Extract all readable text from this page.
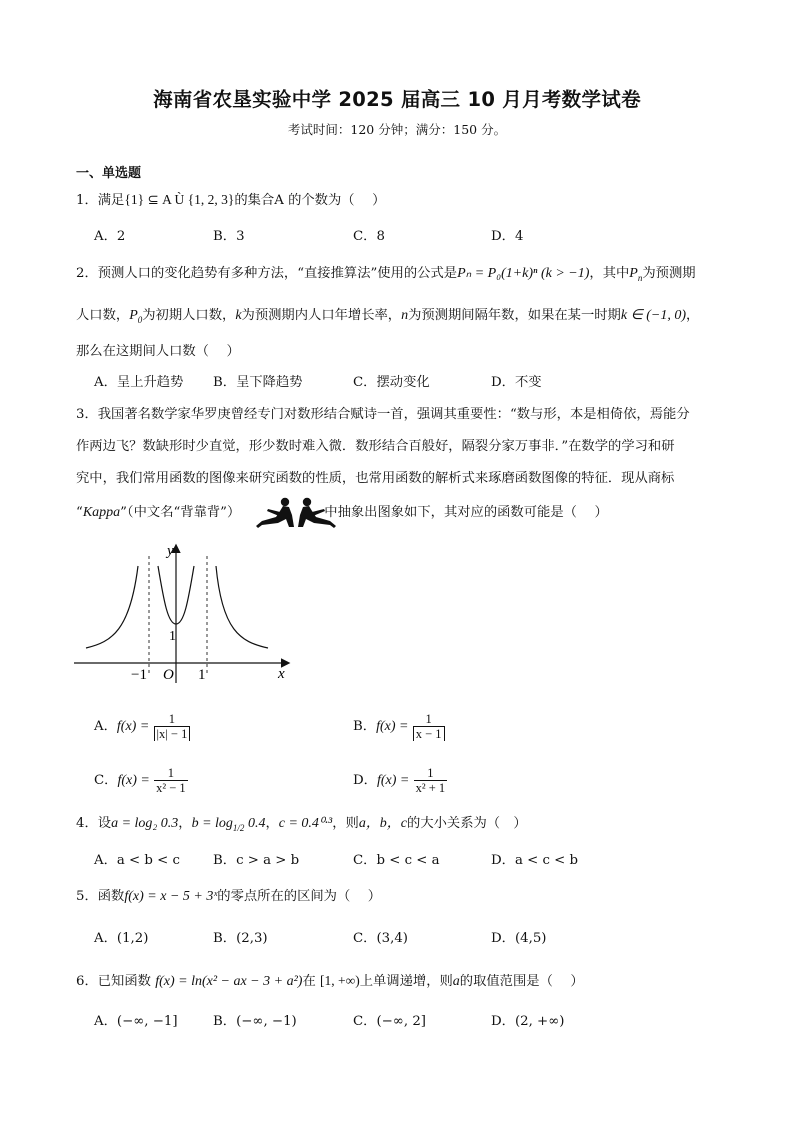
海南省农垦实验中学 2025 届高三 10 月月考数学试卷
考试时间：120 分钟；满分：150 分。
一、单选题
1．满足{1} ⊆ A Ù {1, 2, 3}的集合A 的个数为（　 ）
A．2	B．3	C．8	D．4
2．预测人口的变化趋势有多种方法，“直接推算法”使用的公式是Pₙ = P₀(1+k)ⁿ (k > −1)，其中$P_n$为预测期
人口数，$P_0$为初期人口数，k为预测期内人口年增长率，n为预测期间隔年数，如果在某一时期k ∈ (−1, 0)，
那么在这期间人口数（　 ）
A．呈上升趋势 B．呈下降趋势	C．摆动变化	D．不变
3．我国著名数学家华罗庚曾经专门对数形结合赋诗一首，强调其重要性：“数与形，本是相倚依，焉能分
作两边飞？数缺形时少直觉，形少数时难入微．数形结合百般好，隔裂分家万事非．”在数学的学习和研
究中，我们常用函数的图像来研究函数的性质，也常用函数的解析式来琢磨函数图像的特征．现从商标
“Kappa”（中文名“背靠背”）	中抽象出图象如下，其对应的函数可能是（　 ）
y
x
O
−1	1
1
A．$f(x) = \frac{1}{|x| - 1}$	B．$f(x) = \frac{1}{x - 1}$
C．$f(x) = \frac{1}{\text{x² − 1}}$	D．$f(x) = \frac{1}{\text{x² + 1}}$
4．设a = log₂ 0.3，$b = \log_{1/2} 0.4$，c = 0.4⁰·³，则a，b，c的大小关系为（　）
A．a < b < c B．c > a > b	C．b < c < a	D．a < c < b
5．函数f(x) = x − 5 + 3ˣ的零点所在的区间为（　 ）
A．(1,2)	B．(2,3)	C．(3,4)	D．(4,5)
6．已知函数 f(x) = ln(x² − ax − 3 + a²)在 [1, +∞)上单调递增，则a的取值范围是（　 ）
A．(−∞, −1]	B．(−∞, −1)	C．(−∞, 2]	D．(2, +∞)
